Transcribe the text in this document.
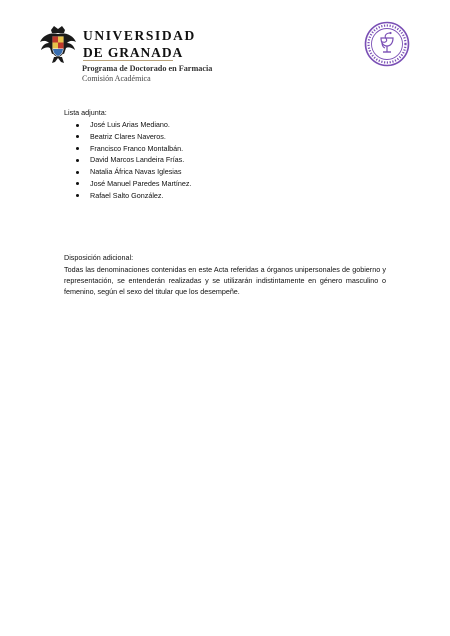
UNIVERSIDAD
DE GRANADA
Programa de Doctorado en Farmacia
Comisión Académica
Lista adjunta:
José Luis Arias Mediano.
Beatriz Clares Naveros.
Francisco Franco Montalbán.
David Marcos Landeira Frías.
Natalia África Navas Iglesias
José Manuel Paredes Martínez.
Rafael Salto González.
Disposición adicional:
Todas las denominaciones contenidas en este Acta referidas a órganos unipersonales de gobierno y representación, se entenderán realizadas y se utilizarán indistintamente en género masculino o femenino, según el sexo del titular que los desempeñe.
